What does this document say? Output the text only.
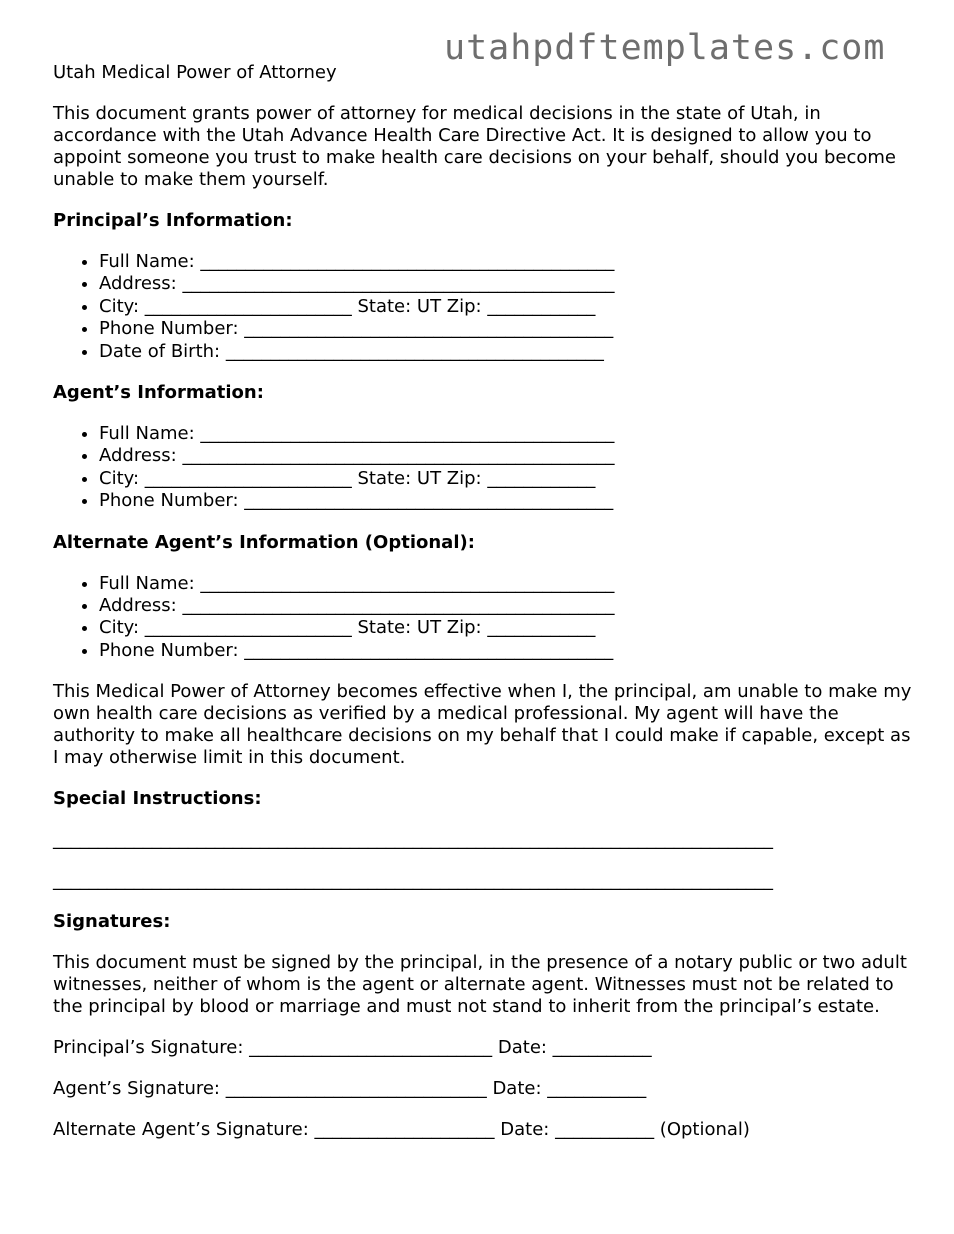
utahpdftemplates.com
Utah Medical Power of Attorney

This document grants power of attorney for medical decisions in the state of Utah, in accordance with the Utah Advance Health Care Directive Act. It is designed to allow you to appoint someone you trust to make health care decisions on your behalf, should you become unable to make them yourself.

Principal’s Information:
• Full Name: ______________________________________________
• Address: ________________________________________________
• City: _______________________ State: UT Zip: ____________
• Phone Number: _________________________________________
• Date of Birth: __________________________________________
Agent’s Information:
• Full Name: ______________________________________________
• Address: ________________________________________________
• City: _______________________ State: UT Zip: ____________
• Phone Number: _________________________________________
Alternate Agent’s Information (Optional):
• Full Name: ______________________________________________
• Address: ________________________________________________
• City: _______________________ State: UT Zip: ____________
• Phone Number: _________________________________________

This Medical Power of Attorney becomes effective when I, the principal, am unable to make my own health care decisions as verified by a medical professional. My agent will have the authority to make all healthcare decisions on my behalf that I could make if capable, except as I may otherwise limit in this document.

Special Instructions:
________________________________________________________________________________
________________________________________________________________________________
Signatures:

This document must be signed by the principal, in the presence of a notary public or two adult witnesses, neither of whom is the agent or alternate agent. Witnesses must not be related to the principal by blood or marriage and must not stand to inherit from the principal’s estate.

Principal’s Signature: ___________________________ Date: ___________
Agent’s Signature: _____________________________ Date: ___________
Alternate Agent’s Signature: ____________________ Date: ___________ (Optional)
